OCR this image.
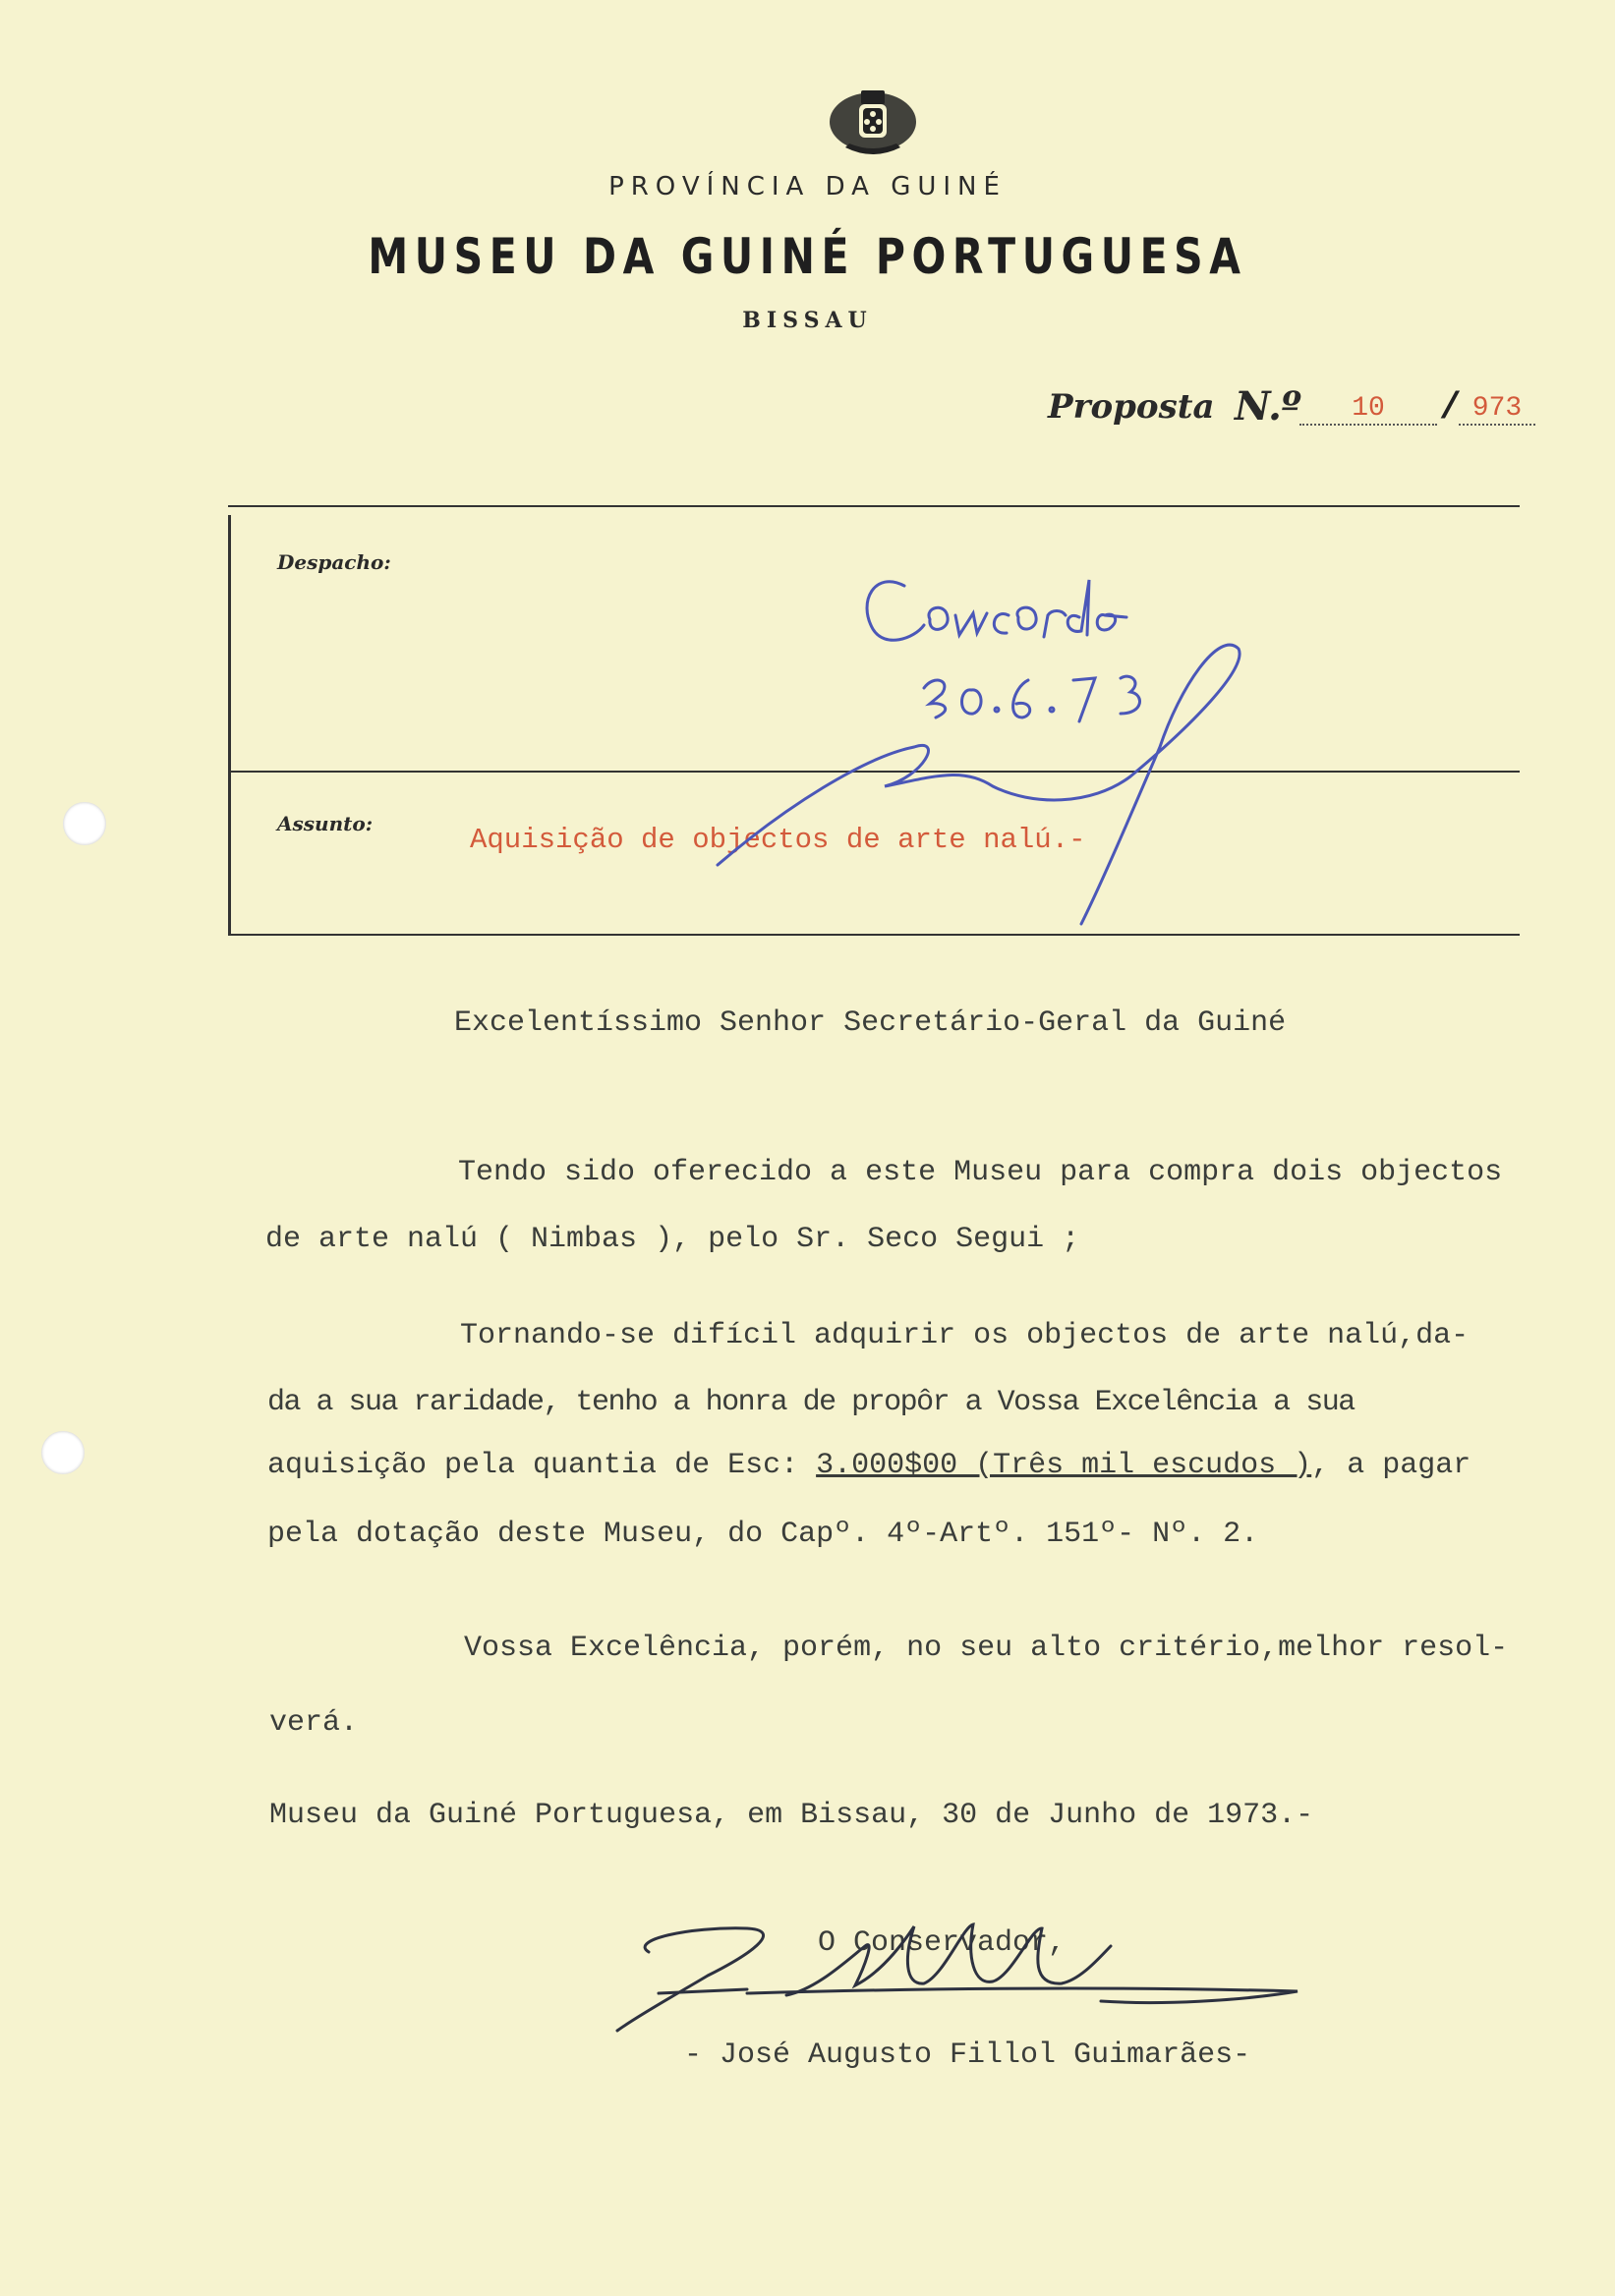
PROVÍNCIA DA GUINÉ
MUSEU DA GUINÉ PORTUGUESA
BISSAU
Proposta N.º	10	/ 973
Despacho:
Assunto:	Aquisição de objectos de arte nalú.-
Excelentíssimo Senhor Secretário-Geral da Guiné
Tendo sido oferecido a este Museu para compra dois objectos
de arte nalú ( Nimbas ), pelo Sr. Seco Segui ;
Tornando-se difícil adquirir os objectos de arte nalú,da-
da a sua raridade, tenho a honra de propôr a Vossa Excelência a sua
aquisição pela quantia de Esc: 3.000$00 (Três mil escudos ), a pagar
pela dotação deste Museu, do Capº. 4º-Artº. 151º- Nº. 2.
Vossa Excelência, porém, no seu alto critério,melhor resol-
verá.
Museu da Guiné Portuguesa, em Bissau, 30 de Junho de 1973.-
O Conservador,
- José Augusto Fillol Guimarães-
